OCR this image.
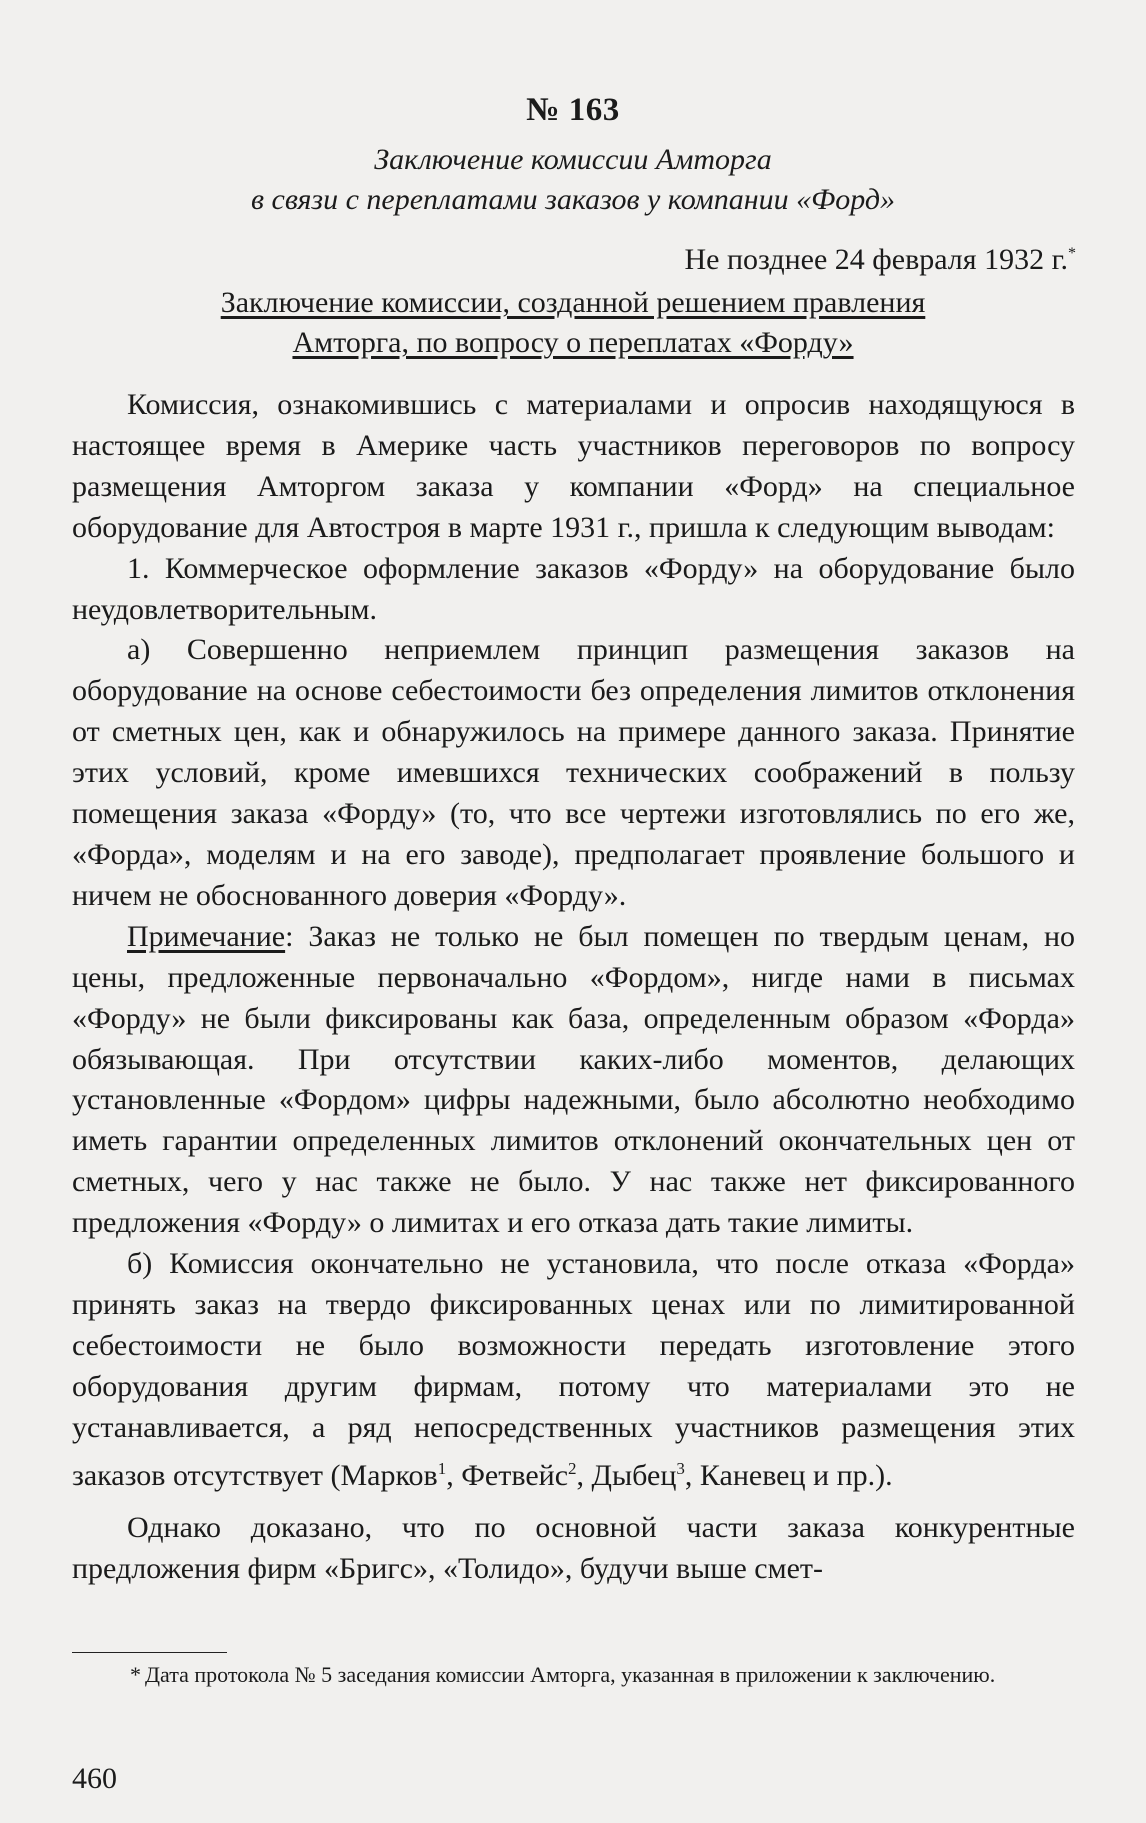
№ 163
Заключение комиссии Амторга
в связи с переплатами заказов у компании «Форд»
Не позднее 24 февраля 1932 г.*
Заключение комиссии, созданной решением правления
Амторга, по вопросу о переплатах «Форду»

Комиссия, ознакомившись с материалами и опросив находящуюся в настоящее время в Америке часть участников переговоров по вопросу размещения Амторгом заказа у компании «Форд» на специальное оборудование для Автостроя в марте 1931 г., пришла к следующим выводам:

1. Коммерческое оформление заказов «Форду» на оборудование было неудовлетворительным.

а) Совершенно неприемлем принцип размещения заказов на оборудование на основе себестоимости без определения лимитов отклонения от сметных цен, как и обнаружилось на примере данного заказа. Принятие этих условий, кроме имевшихся технических соображений в пользу помещения заказа «Форду» (то, что все чертежи изготовлялись по его же, «Форда», моделям и на его заводе), предполагает проявление большого и ничем не обоснованного доверия «Форду».

Примечание: Заказ не только не был помещен по твердым ценам, но цены, предложенные первоначально «Фордом», нигде нами в письмах «Форду» не были фиксированы как база, определенным образом «Форда» обязывающая. При отсутствии каких-либо моментов, делающих установленные «Фордом» цифры надежными, было абсолютно необходимо иметь гарантии определенных лимитов отклонений окончательных цен от сметных, чего у нас также не было. У нас также нет фиксированного предложения «Форду» о лимитах и его отказа дать такие лимиты.

б) Комиссия окончательно не установила, что после отказа «Форда» принять заказ на твердо фиксированных ценах или по лимитированной себестоимости не было возможности передать изготовление этого оборудования другим фирмам, потому что материалами это не устанавливается, а ряд непосредственных участников размещения этих заказов отсутствует (Марков$^1$, Фетвейс$^2$, Дыбец$^3$, Каневец и пр.).

Однако доказано, что по основной части заказа конкурентные предложения фирм «Бригс», «Толидо», будучи выше смет-

* Дата протокола № 5 заседания комиссии Амторга, указанная в приложении к заключению.
460
